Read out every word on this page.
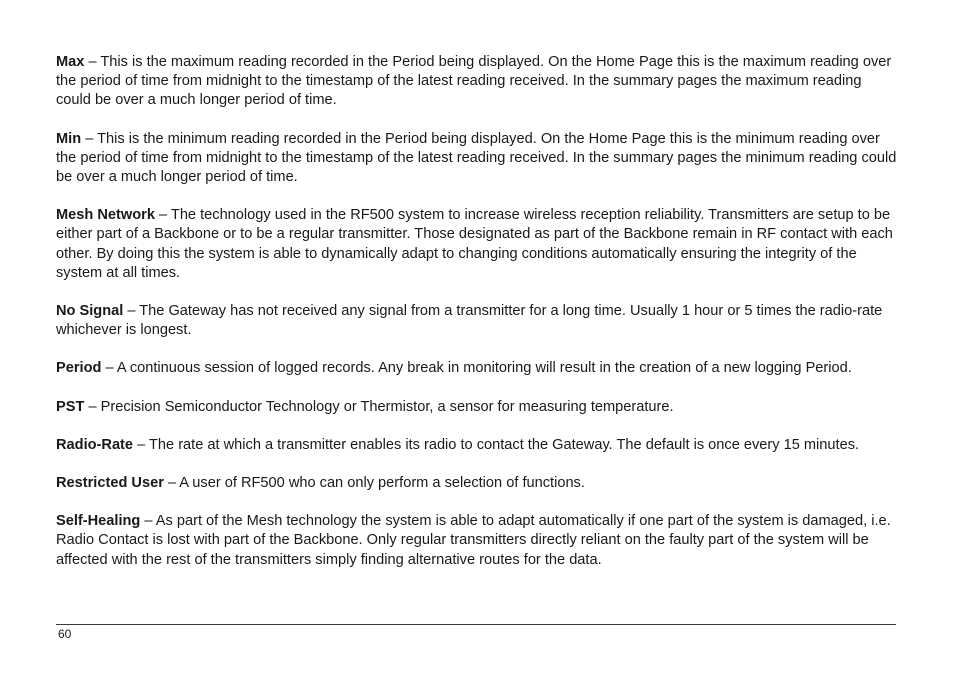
Max – This is the maximum reading recorded in the Period being displayed. On the Home Page this is the maximum reading over the period of time from midnight to the timestamp of the latest reading received. In the summary pages the maximum reading could be over a much longer period of time.

Min – This is the minimum reading recorded in the Period being displayed. On the Home Page this is the minimum reading over the period of time from midnight to the timestamp of the latest reading received. In the summary pages the minimum reading could be over a much longer period of time.

Mesh Network – The technology used in the RF500 system to increase wireless reception reliability. Transmitters are setup to be either part of a Backbone or to be a regular transmitter. Those designated as part of the Backbone remain in RF contact with each other. By doing this the system is able to dynamically adapt to changing conditions automatically ensuring the integrity of the system at all times.

No Signal – The Gateway has not received any signal from a transmitter for a long time. Usually 1 hour or 5 times the radio-rate whichever is longest.

Period – A continuous session of logged records. Any break in monitoring will result in the creation of a new logging Period.

PST – Precision Semiconductor Technology or Thermistor, a sensor for measuring temperature.

Radio-Rate – The rate at which a transmitter enables its radio to contact the Gateway. The default is once every 15 minutes.

Restricted User – A user of RF500 who can only perform a selection of functions.

Self-Healing – As part of the Mesh technology the system is able to adapt automatically if one part of the system is damaged, i.e. Radio Contact is lost with part of the Backbone. Only regular transmitters directly reliant on the faulty part of the system will be affected with the rest of the transmitters simply finding alternative routes for the data.

60
